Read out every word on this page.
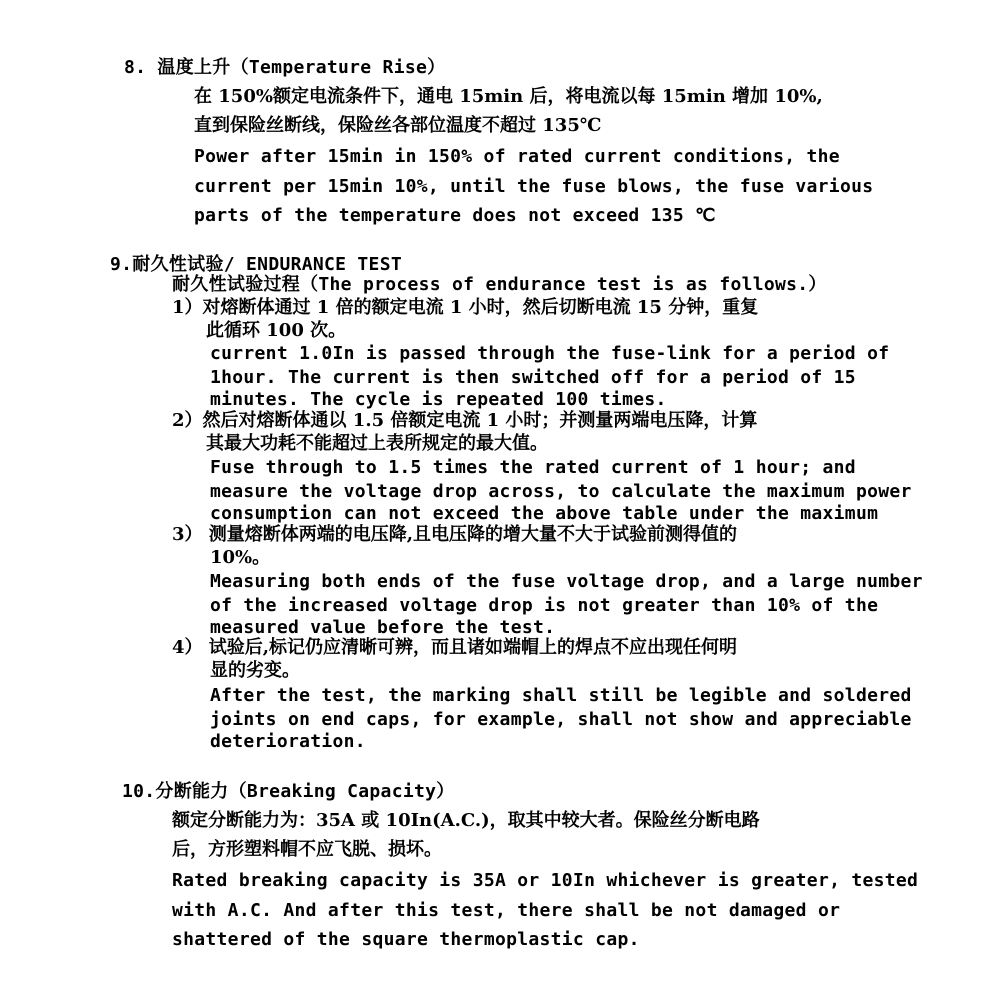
8. 温度上升（Temperature Rise）
在 150%额定电流条件下，通电 15min 后，将电流以每 15min 增加 10%,
直到保险丝断线，保险丝各部位温度不超过 135℃
Power after 15min in 150% of rated current conditions, the
current per 15min 10%, until the fuse blows, the fuse various
parts of the temperature does not exceed 135 ℃
9.耐久性试验/ ENDURANCE TEST
耐久性试验过程（The process of endurance test is as follows.）
1）对熔断体通过 1 倍的额定电流 1 小时，然后切断电流 15 分钟，重复
此循环 100 次。
current 1.0In is passed through the fuse-link for a period of
1hour. The current is then switched off for a period of 15
minutes. The cycle is repeated 100 times.
2）然后对熔断体通以 1.5 倍额定电流 1 小时；并测量两端电压降，计算
其最大功耗不能超过上表所规定的最大值。
Fuse through to 1.5 times the rated current of 1 hour; and
measure the voltage drop across, to calculate the maximum power
consumption can not exceed the above table under the maximum
3） 测量熔断体两端的电压降,且电压降的增大量不大于试验前测得值的
10%。
Measuring both ends of the fuse voltage drop, and a large number
of the increased voltage drop is not greater than 10% of the
measured value before the test.
4） 试验后,标记仍应清晰可辨，而且诸如端帽上的焊点不应出现任何明
显的劣变。
After the test, the marking shall still be legible and soldered
joints on end caps, for example, shall not show and appreciable
deterioration.
10.分断能力（Breaking Capacity）
额定分断能力为：35A 或 10In(A.C.)，取其中较大者。保险丝分断电路
后，方形塑料帽不应飞脱、损坏。
Rated breaking capacity is 35A or 10In whichever is greater, tested
with A.C. And after this test, there shall be not damaged or
shattered of the square thermoplastic cap.
